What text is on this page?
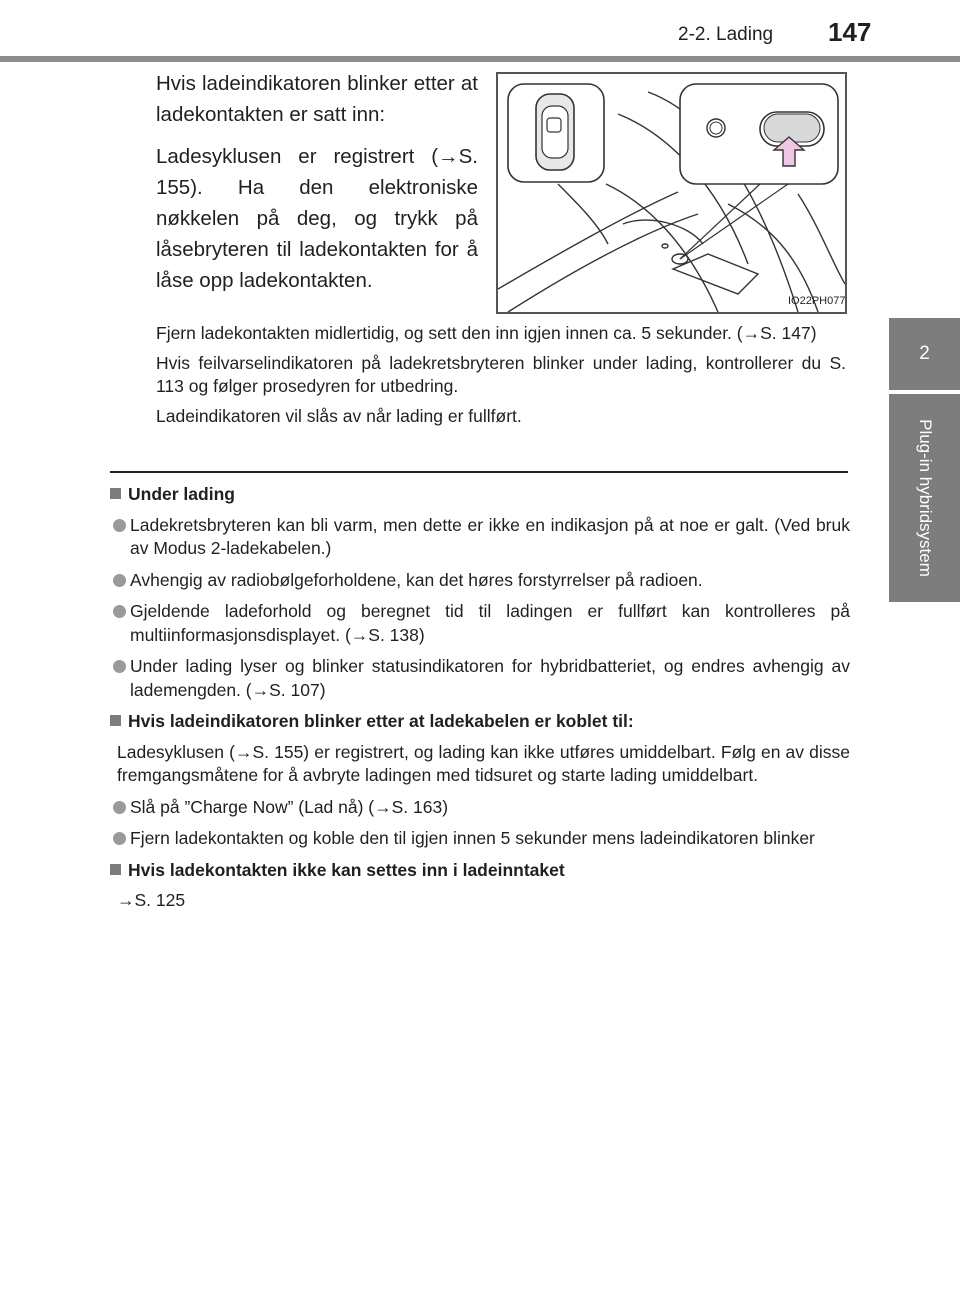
2-2. Lading 147
2
Plug-in hybridsystem

Hvis ladeindikatoren blinker etter at ladekontakten er satt inn:

Ladesyklusen er registrert (→S. 155). Ha den elektroniske nøkkelen på deg, og trykk på låsebryteren til ladekontakten for å låse opp ladekontakten.

IO22PH077

Fjern ladekontakten midlertidig, og sett den inn igjen innen ca. 5 sekunder. (→S. 147)

Hvis feilvarselindikatoren på ladekretsbryteren blinker under lading, kontrollerer du S. 113 og følger prosedyren for utbedring.

Ladeindikatoren vil slås av når lading er fullført.

Under lading
Ladekretsbryteren kan bli varm, men dette er ikke en indikasjon på at noe er galt. (Ved bruk av Modus 2-ladekabelen.)
Avhengig av radiobølgeforholdene, kan det høres forstyrrelser på radioen.
Gjeldende ladeforhold og beregnet tid til ladingen er fullført kan kontrolleres på multiinformasjonsdisplayet. (→S. 138)
Under lading lyser og blinker statusindikatoren for hybridbatteriet, og endres avhengig av lademengden. (→S. 107)
Hvis ladeindikatoren blinker etter at ladekabelen er koblet til:
Ladesyklusen (→S. 155) er registrert, og lading kan ikke utføres umiddelbart. Følg en av disse fremgangsmåtene for å avbryte ladingen med tidsuret og starte lading umiddelbart.
Slå på ”Charge Now” (Lad nå) (→S. 163)
Fjern ladekontakten og koble den til igjen innen 5 sekunder mens ladeindikatoren blinker
Hvis ladekontakten ikke kan settes inn i ladeinntaket
→S. 125
